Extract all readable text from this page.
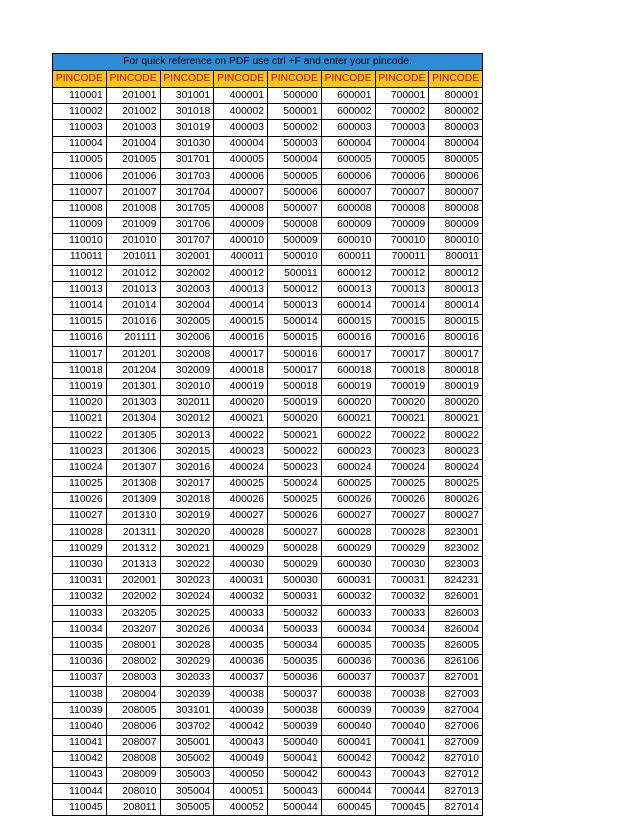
For quick reference on PDF use ctrl +F and enter your pincode.							
PINCODE	PINCODE	PINCODE	PINCODE	PINCODE	PINCODE	PINCODE	PINCODE
110001	201001	301001	400001	500000	600001	700001	800001
110002	201002	301018	400002	500001	600002	700002	800002
110003	201003	301019	400003	500002	600003	700003	800003
110004	201004	301030	400004	500003	600004	700004	800004
110005	201005	301701	400005	500004	600005	700005	800005
110006	201006	301703	400006	500005	600006	700006	800006
110007	201007	301704	400007	500006	600007	700007	800007
110008	201008	301705	400008	500007	600008	700008	800008
110009	201009	301706	400009	500008	600009	700009	800009
110010	201010	301707	400010	500009	600010	700010	800010
110011	201011	302001	400011	500010	600011	700011	800011
110012	201012	302002	400012	500011	600012	700012	800012
110013	201013	302003	400013	500012	600013	700013	800013
110014	201014	302004	400014	500013	600014	700014	800014
110015	201016	302005	400015	500014	600015	700015	800015
110016	201111	302006	400016	500015	600016	700016	800016
110017	201201	302008	400017	500016	600017	700017	800017
110018	201204	302009	400018	500017	600018	700018	800018
110019	201301	302010	400019	500018	600019	700019	800019
110020	201303	302011	400020	500019	600020	700020	800020
110021	201304	302012	400021	500020	600021	700021	800021
110022	201305	302013	400022	500021	600022	700022	800022
110023	201306	302015	400023	500022	600023	700023	800023
110024	201307	302016	400024	500023	600024	700024	800024
110025	201308	302017	400025	500024	600025	700025	800025
110026	201309	302018	400026	500025	600026	700026	800026
110027	201310	302019	400027	500026	600027	700027	800027
110028	201311	302020	400028	500027	600028	700028	823001
110029	201312	302021	400029	500028	600029	700029	823002
110030	201313	302022	400030	500029	600030	700030	823003
110031	202001	302023	400031	500030	600031	700031	824231
110032	202002	302024	400032	500031	600032	700032	826001
110033	203205	302025	400033	500032	600033	700033	826003
110034	203207	302026	400034	500033	600034	700034	826004
110035	208001	302028	400035	500034	600035	700035	826005
110036	208002	302029	400036	500035	600036	700036	826106
110037	208003	302033	400037	500036	600037	700037	827001
110038	208004	302039	400038	500037	600038	700038	827003
110039	208005	303101	400039	500038	600039	700039	827004
110040	208006	303702	400042	500039	600040	700040	827006
110041	208007	305001	400043	500040	600041	700041	827009
110042	208008	305002	400049	500041	600042	700042	827010
110043	208009	305003	400050	500042	600043	700043	827012
110044	208010	305004	400051	500043	600044	700044	827013
110045	208011	305005	400052	500044	600045	700045	827014
